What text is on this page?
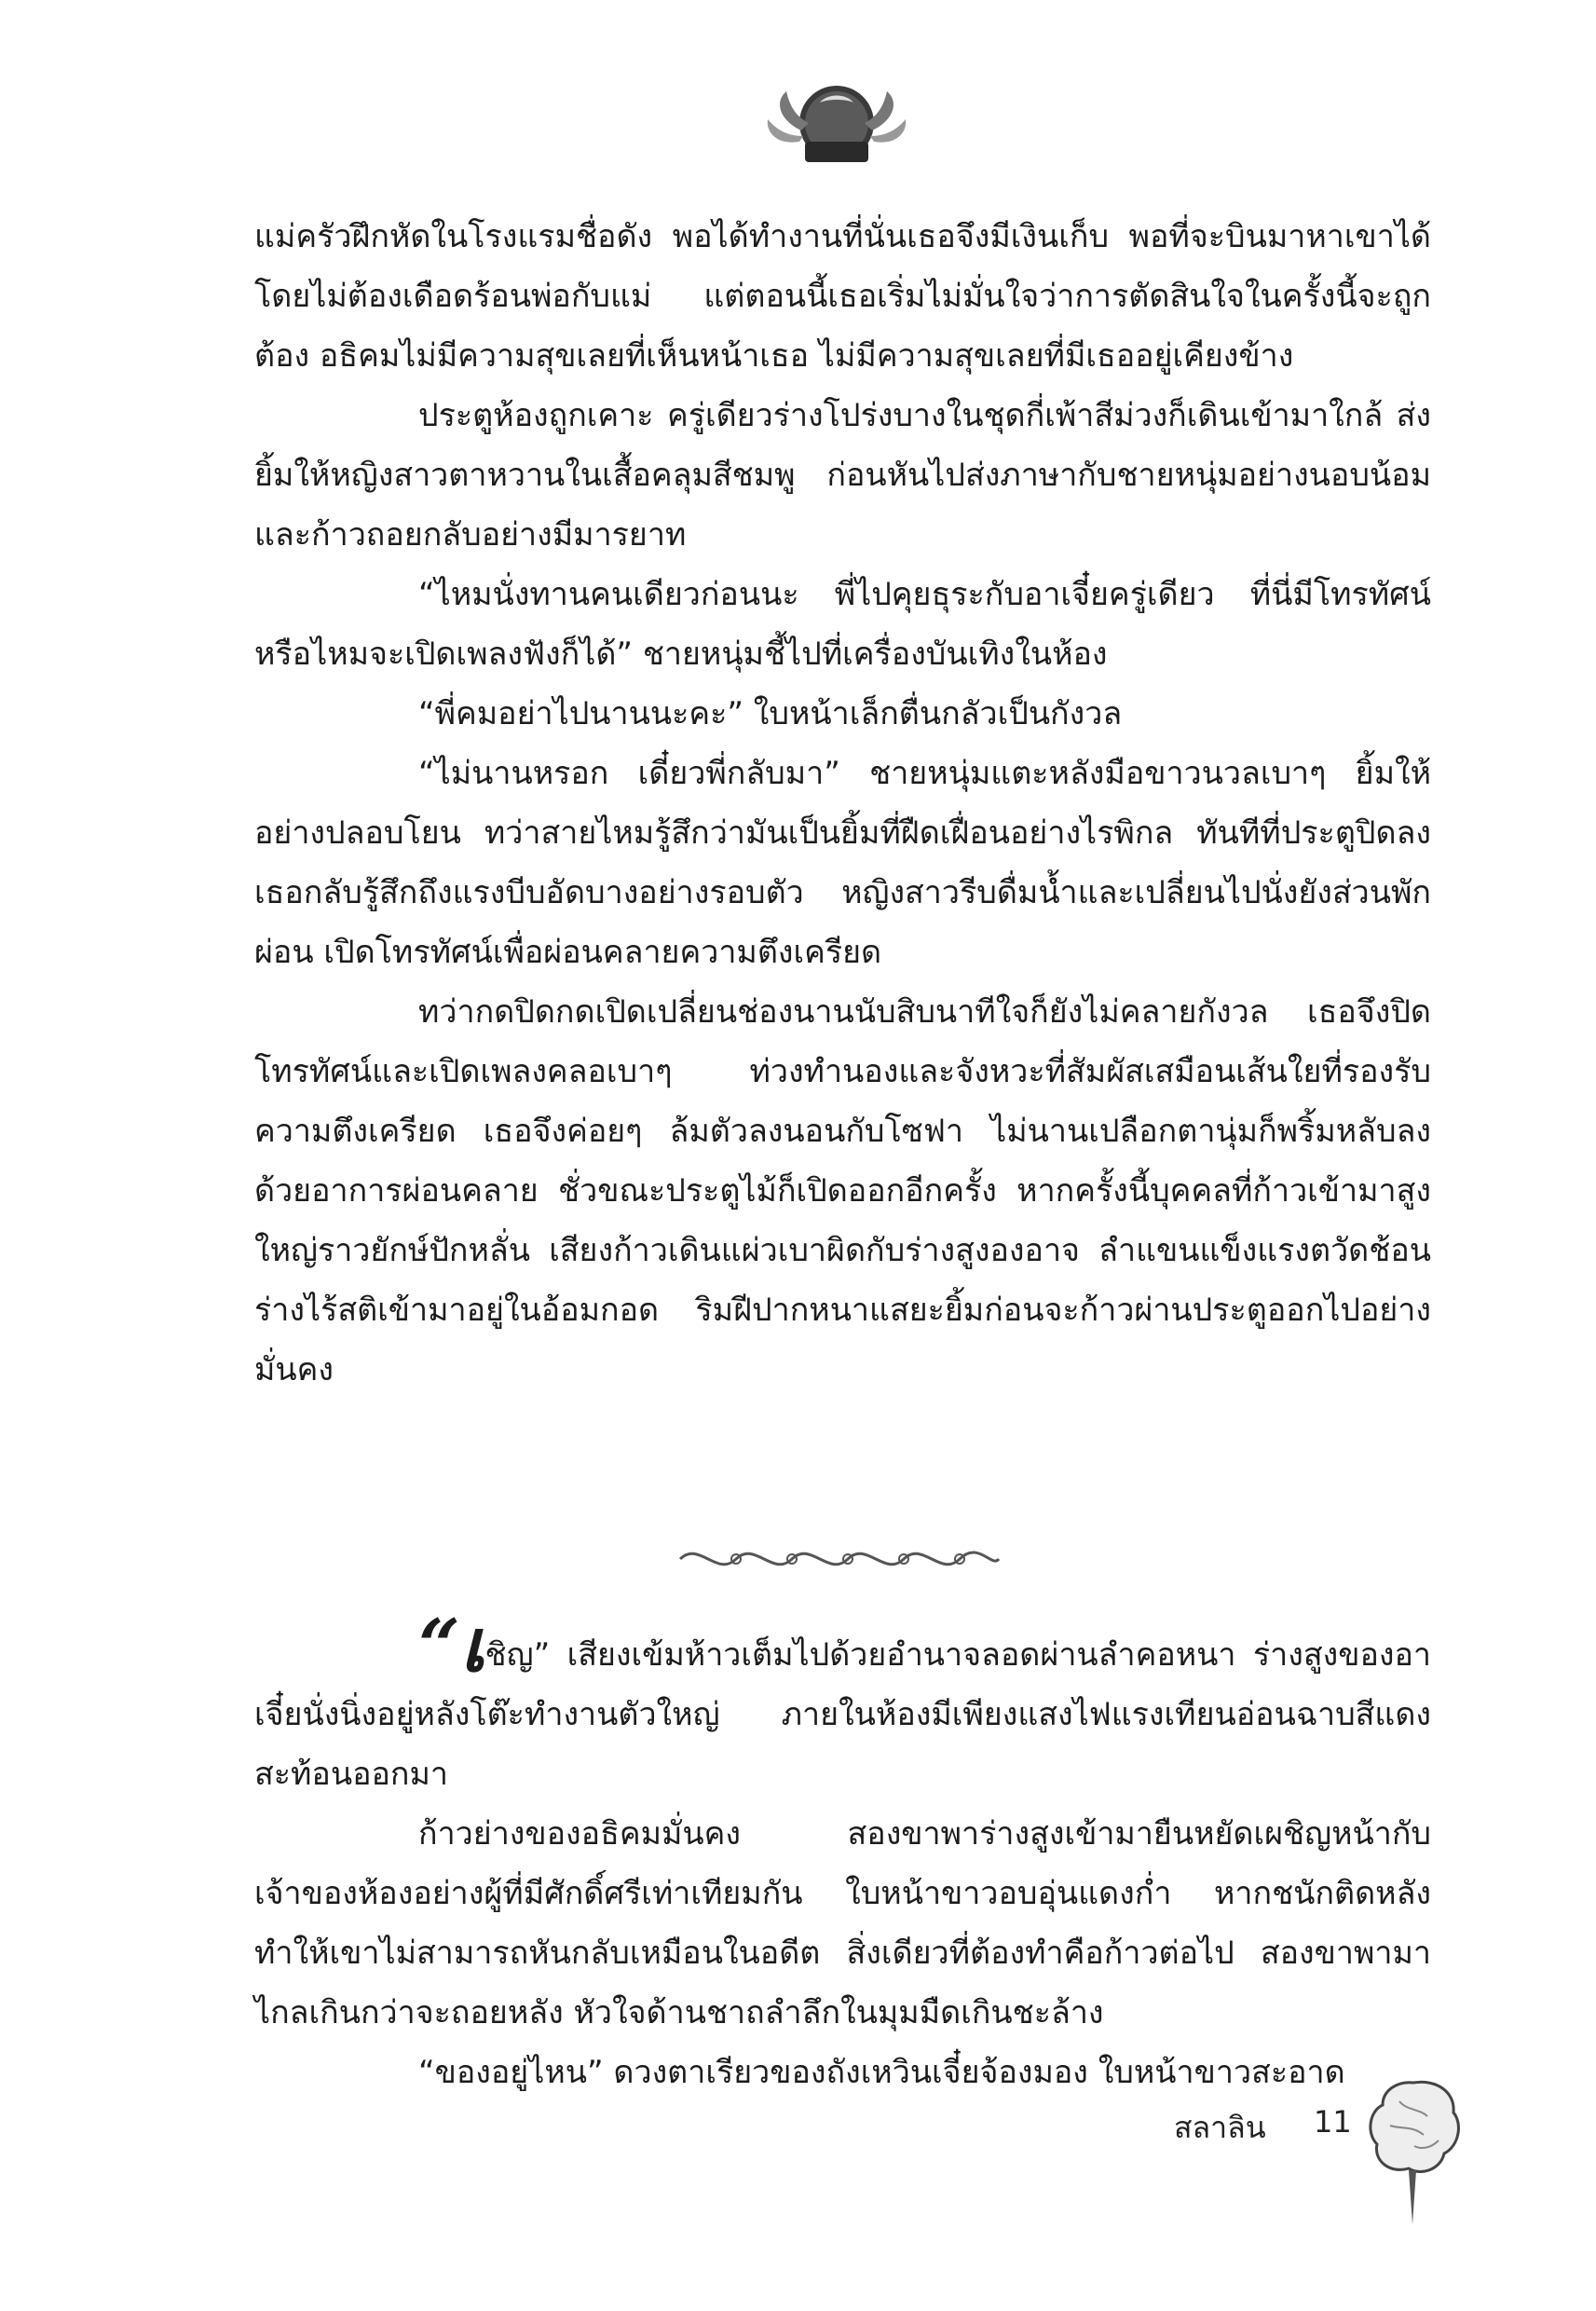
เขียนฝัน

แม่ครัวฝึกหัดในโรงแรมชื่อดัง พอได้ทำงานที่นั่นเธอจึงมีเงินเก็บ พอที่จะบินมาหาเขาได้โดยไม่ต้องเดือดร้อนพ่อกับแม่ แต่ตอนนี้เธอเริ่มไม่มั่นใจว่าการตัดสินใจในครั้งนี้จะถูกต้อง อธิคมไม่มีความสุขเลยที่เห็นหน้าเธอ ไม่มีความสุขเลยที่มีเธออยู่เคียงข้าง

ประตูห้องถูกเคาะ ครู่เดียวร่างโปร่งบางในชุดกี่เพ้าสีม่วงก็เดินเข้ามาใกล้ ส่งยิ้มให้หญิงสาวตาหวานในเสื้อคลุมสีชมพู ก่อนหันไปส่งภาษากับชายหนุ่มอย่างนอบน้อมและก้าวถอยกลับอย่างมีมารยาท

“ไหมนั่งทานคนเดียวก่อนนะ พี่ไปคุยธุระกับอาเจี๋ยครู่เดียว ที่นี่มีโทรทัศน์ หรือไหมจะเปิดเพลงฟังก็ได้” ชายหนุ่มชี้ไปที่เครื่องบันเทิงในห้อง

“พี่คมอย่าไปนานนะคะ” ใบหน้าเล็กตื่นกลัวเป็นกังวล

“ไม่นานหรอก เดี๋ยวพี่กลับมา” ชายหนุ่มแตะหลังมือขาวนวลเบาๆ ยิ้มให้อย่างปลอบโยน ทว่าสายไหมรู้สึกว่ามันเป็นยิ้มที่ฝืดเฝื่อนอย่างไรพิกล ทันทีที่ประตูปิดลง เธอกลับรู้สึกถึงแรงบีบอัดบางอย่างรอบตัว หญิงสาวรีบดื่มน้ำและเปลี่ยนไปนั่งยังส่วนพักผ่อน เปิดโทรทัศน์เพื่อผ่อนคลายความตึงเครียด

ทว่ากดปิดกดเปิดเปลี่ยนช่องนานนับสิบนาทีใจก็ยังไม่คลายกังวล เธอจึงปิดโทรทัศน์และเปิดเพลงคลอเบาๆ ท่วงทำนองและจังหวะที่สัมผัสเสมือนเส้นใยที่รองรับความตึงเครียด เธอจึงค่อยๆ ล้มตัวลงนอนกับโซฟา ไม่นานเปลือกตานุ่มก็พริ้มหลับลงด้วยอาการผ่อนคลาย ชั่วขณะประตูไม้ก็เปิดออกอีกครั้ง หากครั้งนี้บุคคลที่ก้าวเข้ามาสูงใหญ่ราวยักษ์ปักหลั่น เสียงก้าวเดินแผ่วเบาผิดกับร่างสูงองอาจ ลำแขนแข็งแรงตวัดช้อนร่างไร้สติเข้ามาอยู่ในอ้อมกอด ริมฝีปากหนาแสยะยิ้มก่อนจะก้าวผ่านประตูออกไปอย่างมั่นคง

“เชิญ” เสียงเข้มห้าวเต็มไปด้วยอำนาจลอดผ่านลำคอหนา ร่างสูงของอาเจี๋ยนั่งนิ่งอยู่หลังโต๊ะทำงานตัวใหญ่ ภายในห้องมีเพียงแสงไฟแรงเทียนอ่อนฉาบสีแดงสะท้อนออกมา

ก้าวย่างของอธิคมมั่นคง สองขาพาร่างสูงเข้ามายืนหยัดเผชิญหน้ากับเจ้าของห้องอย่างผู้ที่มีศักดิ์ศรีเท่าเทียมกัน ใบหน้าขาวอบอุ่นแดงก่ำ หากชนักติดหลังทำให้เขาไม่สามารถหันกลับเหมือนในอดีต สิ่งเดียวที่ต้องทำคือก้าวต่อไป สองขาพามาไกลเกินกว่าจะถอยหลัง หัวใจด้านชาถลำลึกในมุมมืดเกินชะล้าง

“ของอยู่ไหน” ดวงตาเรียวของถังเหวินเจี๋ยจ้องมอง ใบหน้าขาวสะอาด

สลาลิน 11
